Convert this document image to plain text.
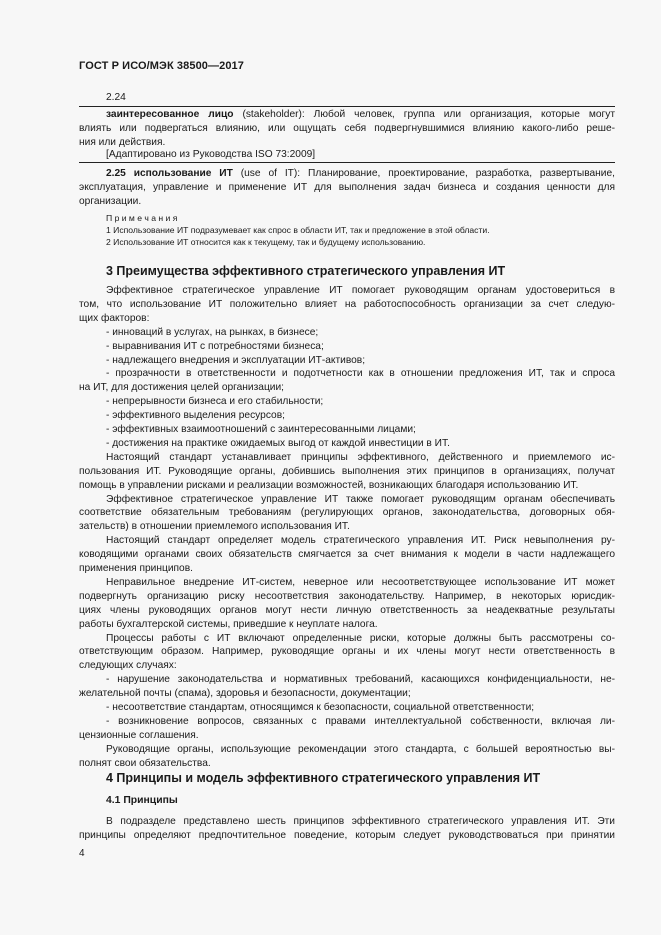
ГОСТ Р ИСО/МЭК 38500—2017
2.24
заинтересованное лицо (stakeholder): Любой человек, группа или организация, которые могут
влиять или подвергаться влиянию, или ощущать себя подвергнувшимися влиянию какого-либо реше-
ния или действия.
[Адаптировано из Руководства ISO 73:2009]
2.25 использование ИТ (use of IT): Планирование, проектирование, разработка, развертывание,
эксплуатация, управление и применение ИТ для выполнения задач бизнеса и создания ценности для
организации.
П р и м е ч а н и я
1 Использование ИТ подразумевает как спрос в области ИТ, так и предложение в этой области.
2 Использование ИТ относится как к текущему, так и будущему использованию.
3 Преимущества эффективного стратегического управления ИТ
Эффективное стратегическое управление ИТ помогает руководящим органам удостовериться в
том, что использование ИТ положительно влияет на работоспособность организации за счет следую-
щих факторов:
- инноваций в услугах, на рынках, в бизнесе;
- выравнивания ИТ с потребностями бизнеса;
- надлежащего внедрения и эксплуатации ИТ-активов;
- прозрачности в ответственности и подотчетности как в отношении предложения ИТ, так и спроса
на ИТ, для достижения целей организации;
- непрерывности бизнеса и его стабильности;
- эффективного выделения ресурсов;
- эффективных взаимоотношений с заинтересованными лицами;
- достижения на практике ожидаемых выгод от каждой инвестиции в ИТ.
Настоящий стандарт устанавливает принципы эффективного, действенного и приемлемого ис-
пользования ИТ. Руководящие органы, добившись выполнения этих принципов в организациях, получат
помощь в управлении рисками и реализации возможностей, возникающих благодаря использованию ИТ.
Эффективное стратегическое управление ИТ также помогает руководящим органам обеспечивать
соответствие обязательным требованиям (регулирующих органов, законодательства, договорных обя-
зательств) в отношении приемлемого использования ИТ.
Настоящий стандарт определяет модель стратегического управления ИТ. Риск невыполнения ру-
ководящими органами своих обязательств смягчается за счет внимания к модели в части надлежащего
применения принципов.
Неправильное внедрение ИТ-систем, неверное или несоответствующее использование ИТ может
подвергнуть организацию риску несоответствия законодательству. Например, в некоторых юрисдик-
циях члены руководящих органов могут нести личную ответственность за неадекватные результаты
работы бухгалтерской системы, приведшие к неуплате налога.
Процессы работы с ИТ включают определенные риски, которые должны быть рассмотрены со-
ответствующим образом. Например, руководящие органы и их члены могут нести ответственность в
следующих случаях:
- нарушение законодательства и нормативных требований, касающихся конфиденциальности, не-
желательной почты (спама), здоровья и безопасности, документации;
- несоответствие стандартам, относящимся к безопасности, социальной ответственности;
- возникновение вопросов, связанных с правами интеллектуальной собственности, включая ли-
цензионные соглашения.
Руководящие органы, использующие рекомендации этого стандарта, с большей вероятностью вы-
полнят свои обязательства.
4 Принципы и модель эффективного стратегического управления ИТ
4.1 Принципы
В подразделе представлено шесть принципов эффективного стратегического управления ИТ. Эти
принципы определяют предпочтительное поведение, которым следует руководствоваться при принятии
4
